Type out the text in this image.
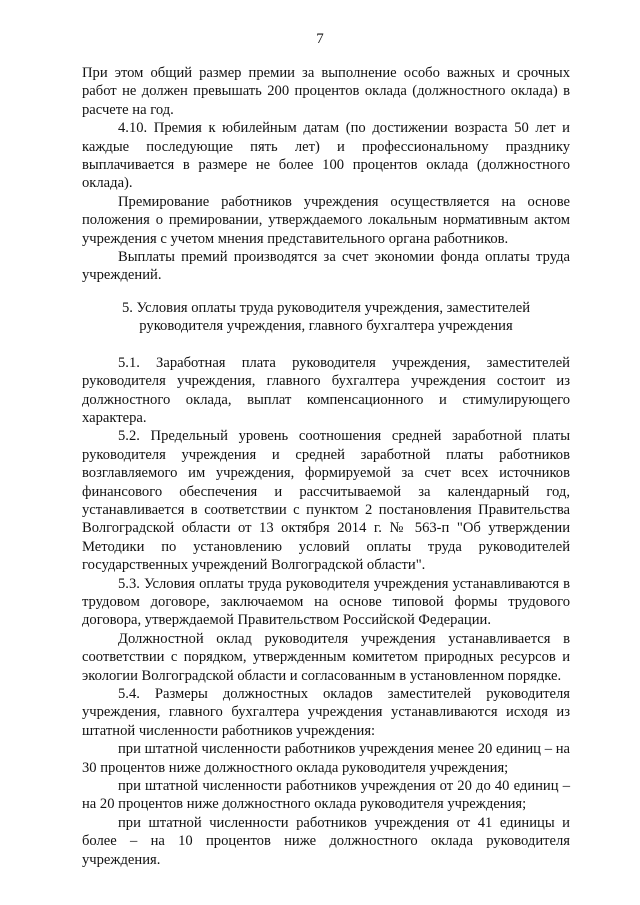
7

При этом общий размер премии за выполнение особо важных и срочных работ не должен превышать 200 процентов оклада (должностного оклада) в расчете на год.

4.10. Премия к юбилейным датам (по достижении возраста 50 лет и каждые последующие пять лет) и профессиональному празднику выплачивается в размере не более 100 процентов оклада (должностного оклада).

Премирование работников учреждения осуществляется на основе положения о премировании, утверждаемого локальным нормативным актом учреждения с учетом мнения представительного органа работников.

Выплаты премий производятся за счет экономии фонда оплаты труда учреждений.

5. Условия оплаты труда руководителя учреждения, заместителей
руководителя учреждения, главного бухгалтера учреждения

5.1. Заработная плата руководителя учреждения, заместителей руководителя учреждения, главного бухгалтера учреждения состоит из должностного оклада, выплат компенсационного и стимулирующего характера.

5.2. Предельный уровень соотношения средней заработной платы руководителя учреждения и средней заработной платы работников возглавляемого им учреждения, формируемой за счет всех источников финансового обеспечения и рассчитываемой за календарный год, устанавливается в соответствии с пунктом 2 постановления Правительства Волгоградской области от 13 октября 2014 г. № 563-п "Об утверждении Методики по установлению условий оплаты труда руководителей государственных учреждений Волгоградской области".

5.3. Условия оплаты труда руководителя учреждения устанавливаются в трудовом договоре, заключаемом на основе типовой формы трудового договора, утверждаемой Правительством Российской Федерации.

Должностной оклад руководителя учреждения устанавливается в соответствии с порядком, утвержденным комитетом природных ресурсов и экологии Волгоградской области и согласованным в установленном порядке.

5.4. Размеры должностных окладов заместителей руководителя учреждения, главного бухгалтера учреждения устанавливаются исходя из штатной численности работников учреждения:

при штатной численности работников учреждения менее 20 единиц – на 30 процентов ниже должностного оклада руководителя учреждения;

при штатной численности работников учреждения от 20 до 40 единиц – на 20 процентов ниже должностного оклада руководителя учреждения;

при штатной численности работников учреждения от 41 единицы и более – на 10 процентов ниже должностного оклада руководителя учреждения.
